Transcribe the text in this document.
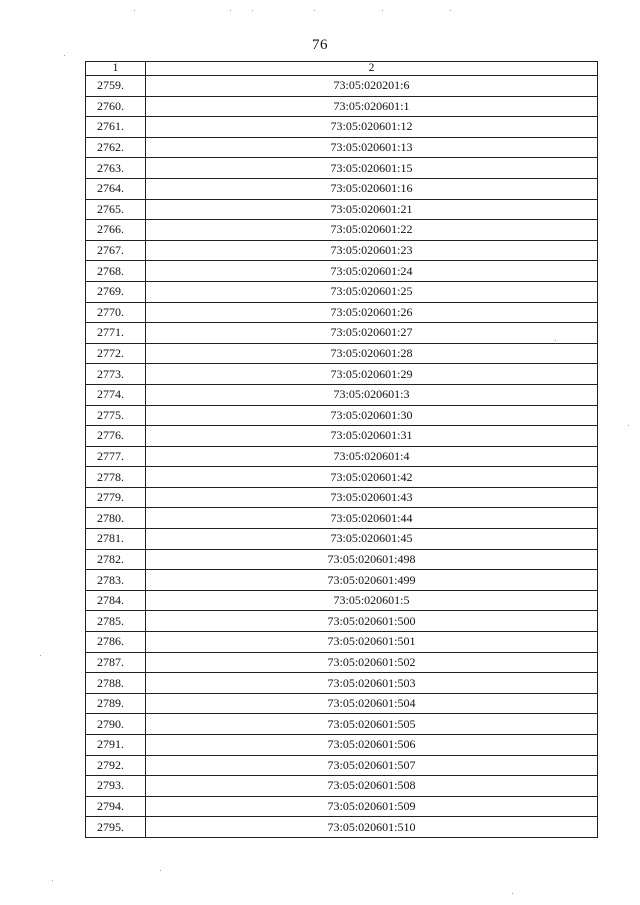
76
1	2
2759.	73:05:020201:6
2760.	73:05:020601:1
2761.	73:05:020601:12
2762.	73:05:020601:13
2763.	73:05:020601:15
2764.	73:05:020601:16
2765.	73:05:020601:21
2766.	73:05:020601:22
2767.	73:05:020601:23
2768.	73:05:020601:24
2769.	73:05:020601:25
2770.	73:05:020601:26
2771.	73:05:020601:27
2772.	73:05:020601:28
2773.	73:05:020601:29
2774.	73:05:020601:3
2775.	73:05:020601:30
2776.	73:05:020601:31
2777.	73:05:020601:4
2778.	73:05:020601:42
2779.	73:05:020601:43
2780.	73:05:020601:44
2781.	73:05:020601:45
2782.	73:05:020601:498
2783.	73:05:020601:499
2784.	73:05:020601:5
2785.	73:05:020601:500
2786.	73:05:020601:501
2787.	73:05:020601:502
2788.	73:05:020601:503
2789.	73:05:020601:504
2790.	73:05:020601:505
2791.	73:05:020601:506
2792.	73:05:020601:507
2793.	73:05:020601:508
2794.	73:05:020601:509
2795.	73:05:020601:510
